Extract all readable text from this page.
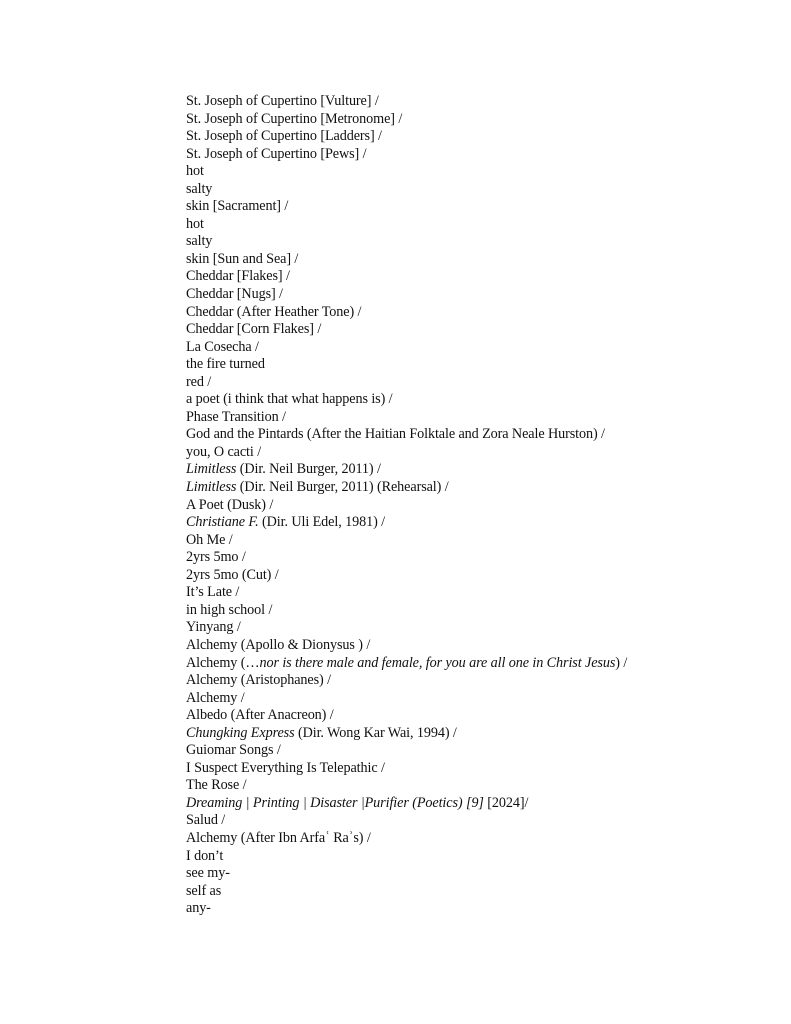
St. Joseph of Cupertino [Vulture] /
St. Joseph of Cupertino [Metronome] /
St. Joseph of Cupertino [Ladders] /
St. Joseph of Cupertino [Pews] /
hot
salty
skin [Sacrament] /
hot
salty
skin [Sun and Sea] /
Cheddar [Flakes] /
Cheddar [Nugs] /
Cheddar (After Heather Tone) /
Cheddar [Corn Flakes] /
La Cosecha /
the fire turned
red /
a poet (i think that what happens is) /
Phase Transition /
God and the Pintards (After the Haitian Folktale and Zora Neale Hurston) /
you, O cacti /
Limitless (Dir. Neil Burger, 2011) /
Limitless (Dir. Neil Burger, 2011) (Rehearsal) /
A Poet (Dusk) /
Christiane F. (Dir. Uli Edel, 1981) /
Oh Me /
2yrs 5mo /
2yrs 5mo (Cut) /
It’s Late /
in high school /
Yinyang /
Alchemy (Apollo & Dionysus ) /
Alchemy (…nor is there male and female, for you are all one in Christ Jesus) /
Alchemy (Aristophanes) /
Alchemy /
Albedo (After Anacreon) /
Chungking Express (Dir. Wong Kar Wai, 1994) /
Guiomar Songs /
I Suspect Everything Is Telepathic /
The Rose /
Dreaming | Printing | Disaster |Purifier (Poetics) [9] [2024]/
Salud /
Alchemy (After Ibn Arfaʿ Raʾs) /
I don’t
see my-
self as
any-
